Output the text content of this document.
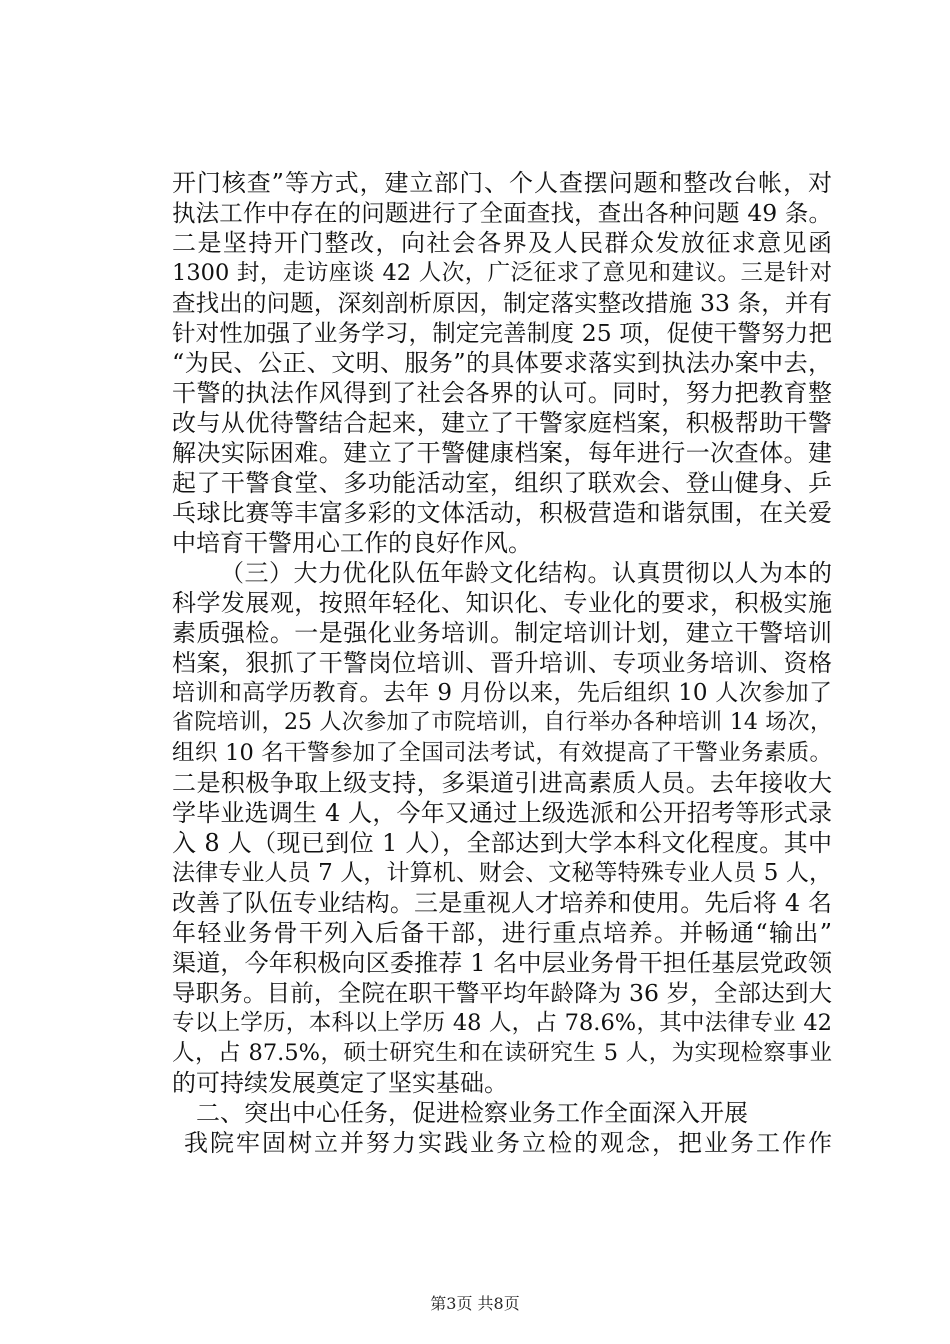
开门核查”等方式，建立部门、个人查摆问题和整改台帐，对
执法工作中存在的问题进行了全面查找，查出各种问题 49 条。
二是坚持开门整改，向社会各界及人民群众发放征求意见函
1300 封，走访座谈 42 人次，广泛征求了意见和建议。三是针对
查找出的问题，深刻剖析原因，制定落实整改措施 33 条，并有
针对性加强了业务学习，制定完善制度 25 项，促使干警努力把
“为民、公正、文明、服务”的具体要求落实到执法办案中去，
干警的执法作风得到了社会各界的认可。同时，努力把教育整
改与从优待警结合起来，建立了干警家庭档案，积极帮助干警
解决实际困难。建立了干警健康档案，每年进行一次查体。建
起了干警食堂、多功能活动室，组织了联欢会、登山健身、乒
乓球比赛等丰富多彩的文体活动，积极营造和谐氛围，在关爱
中培育干警用心工作的良好作风。
（三）大力优化队伍年龄文化结构。认真贯彻以人为本的
科学发展观，按照年轻化、知识化、专业化的要求，积极实施
素质强检。一是强化业务培训。制定培训计划，建立干警培训
档案，狠抓了干警岗位培训、晋升培训、专项业务培训、资格
培训和高学历教育。去年 9 月份以来，先后组织 10 人次参加了
省院培训，25 人次参加了市院培训，自行举办各种培训 14 场次，
组织 10 名干警参加了全国司法考试，有效提高了干警业务素质。
二是积极争取上级支持，多渠道引进高素质人员。去年接收大
学毕业选调生 4 人，今年又通过上级选派和公开招考等形式录
入 8 人（现已到位 1 人），全部达到大学本科文化程度。其中
法律专业人员 7 人，计算机、财会、文秘等特殊专业人员 5 人，
改善了队伍专业结构。三是重视人才培养和使用。先后将 4 名
年轻业务骨干列入后备干部，进行重点培养。并畅通“输出”
渠道，今年积极向区委推荐 1 名中层业务骨干担任基层党政领
导职务。目前，全院在职干警平均年龄降为 36 岁，全部达到大
专以上学历，本科以上学历 48 人，占 78.6%，其中法律专业 42
人，占 87.5%，硕士研究生和在读研究生 5 人，为实现检察事业
的可持续发展奠定了坚实基础。
二、突出中心任务，促进检察业务工作全面深入开展
我院牢固树立并努力实践业务立检的观念，把业务工作作
第3页 共8页
